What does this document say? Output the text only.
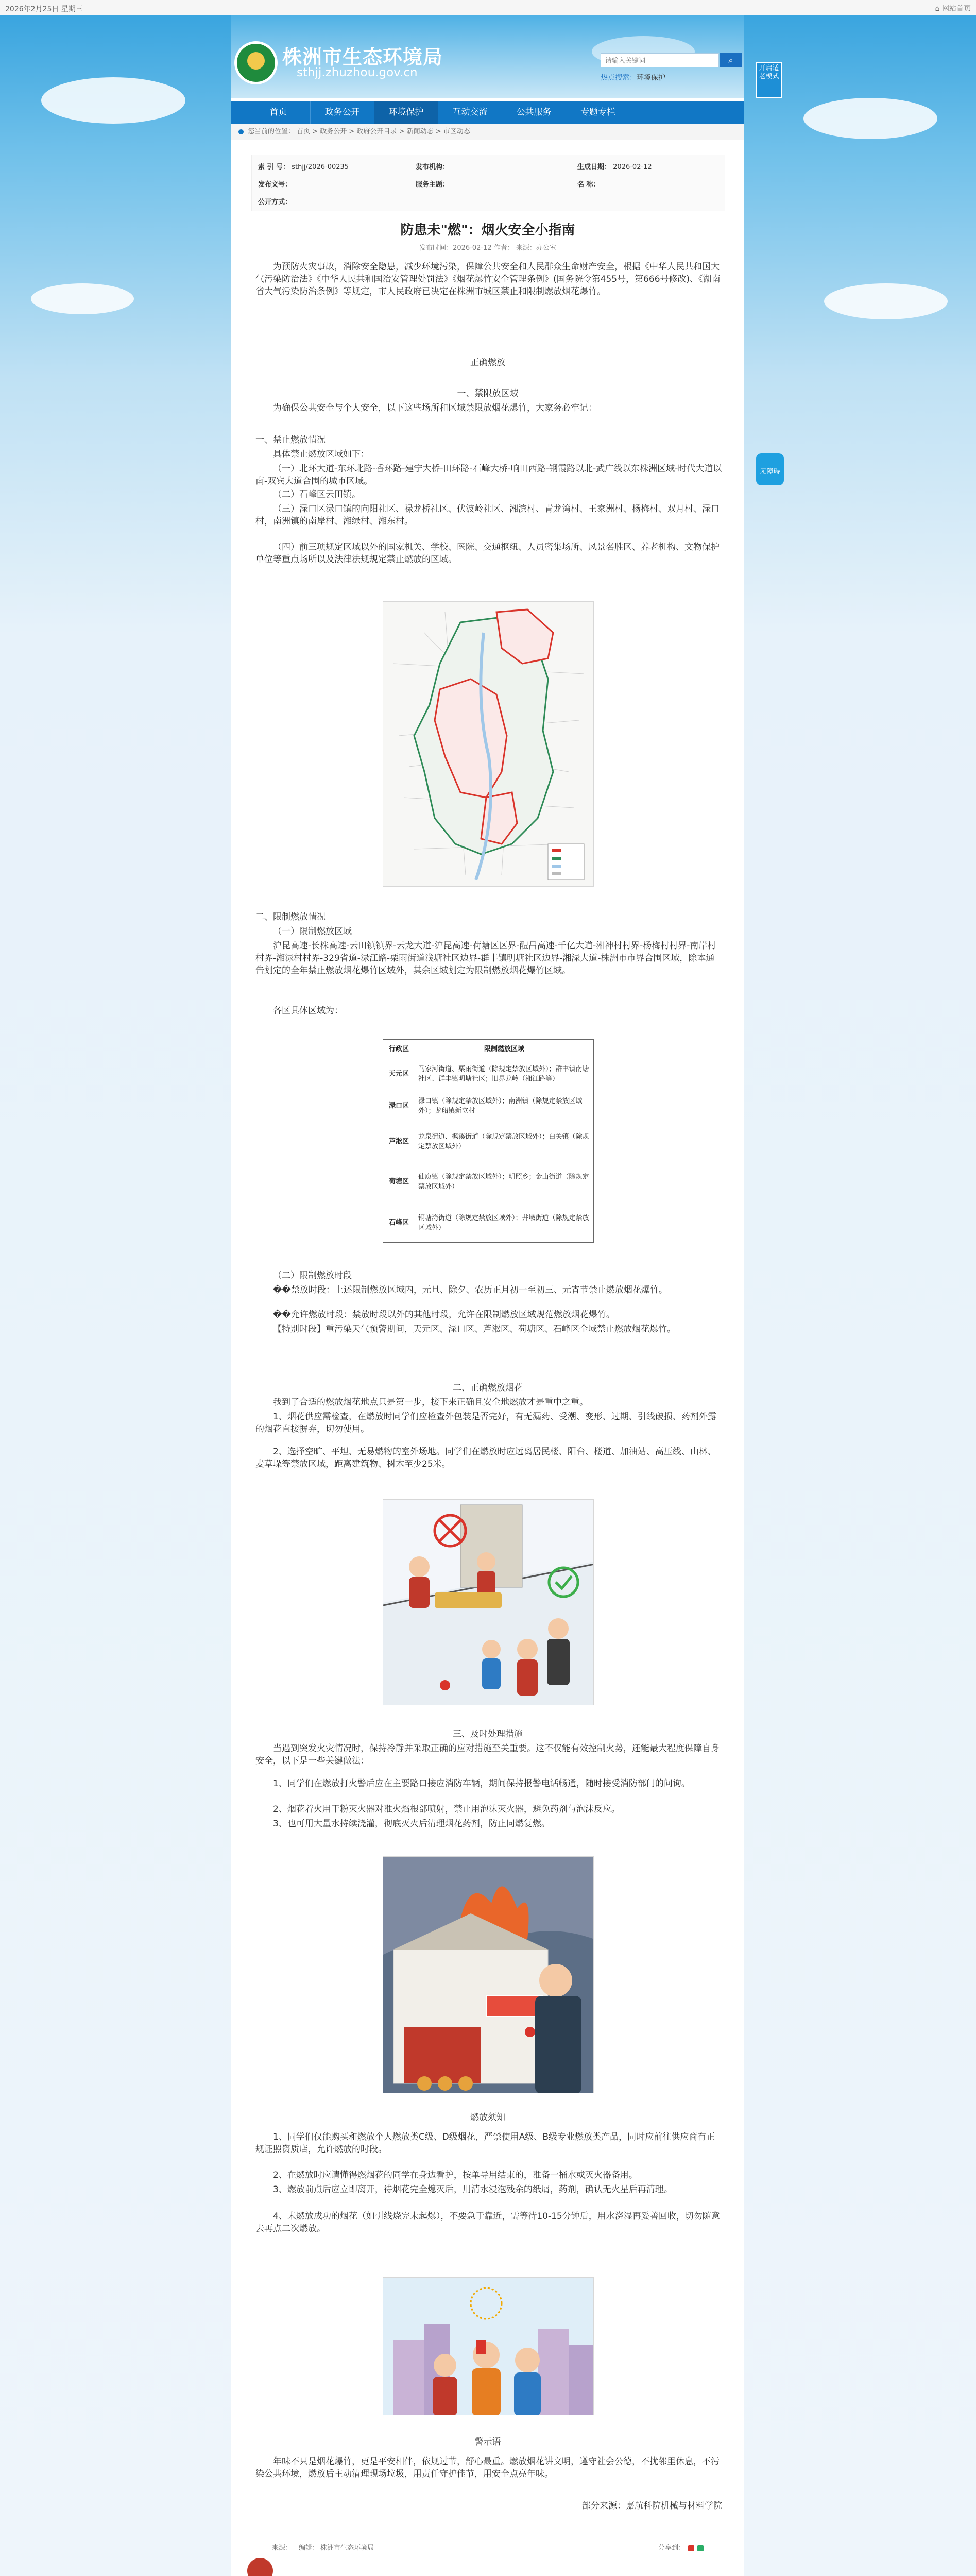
2026年2月25日 星期三	⌂ 网站首页
株洲市生态环境局
sthjj.zhuzhou.gov.cn
请输入关键词
⌕
热点搜索：环境保护
开启适老模式
首页	政务公开	环境保护	互动交流	公共服务	专题专栏
您当前的位置： 首页 > 政务公开 > 政府公开目录 > 新闻动态 > 市区动态
索 引 号： sthjj/2026-00235	发布机构：	生成日期： 2026-02-12
发布文号：	服务主题：	名 称：
公开方式：
防患未"燃"：烟火安全小指南
发布时间：2026-02-12 作者： 来源：办公室
为预防火灾事故，消除安全隐患，减少环境污染，保障公共安全和人民群众生命财产安全，根据《中华人民共和国大气污染防治法》《中华人民共和国治安管理处罚法》《烟花爆竹安全管理条例》(国务院令第455号，第666号修改)、《湖南省大气污染防治条例》等规定，市人民政府已决定在株洲市城区禁止和限制燃放烟花爆竹。
正确燃放
一、禁限放区域
为确保公共安全与个人安全，以下这些场所和区域禁限放烟花爆竹，大家务必牢记：
一、禁止燃放情况
具体禁止燃放区域如下：
（一）北环大道-东环北路-香环路-建宁大桥-田环路-石峰大桥-响田西路-钢霞路以北-武广线以东株洲区域-时代大道以南-双宾大道合围的城市区域。
（二）石峰区云田镇。
（三）渌口区渌口镇的向阳社区、禄龙桥社区、伏波岭社区、湘滨村、青龙湾村、王家洲村、杨梅村、双月村、渌口村，南洲镇的南岸村、湘绿村、湘东村。
（四）前三项规定区域以外的国家机关、学校、医院、交通枢纽、人员密集场所、风景名胜区、养老机构、文物保护单位等重点场所以及法律法规规定禁止燃放的区域。
二、限制燃放情况
（一）限制燃放区域
沪昆高速-长株高速-云田镇镇界-云龙大道-沪昆高速-荷塘区区界-醴昌高速-千亿大道-湘神村村界-杨梅村村界-南岸村村界-湘渌村村界-329省道-渌江路-栗雨街道浅塘社区边界-群丰镇明塘社区边界-湘渌大道-株洲市市界合围区域，除本通告划定的全年禁止燃放烟花爆竹区域外，其余区域划定为限制燃放烟花爆竹区域。
各区具体区域为：
行政区	限制燃放区域
天元区	马家河街道、栗雨街道（除规定禁放区域外）；群丰镇南塘社区、群丰镇明塘社区；旧界龙岭（湘江路等）
渌口区	渌口镇（除规定禁放区域外）；南洲镇（除规定禁放区域外）；龙船镇新立村
芦淞区	龙泉街道、枫溪街道（除规定禁放区域外）；白关镇（除规定禁放区域外）
荷塘区	仙庾镇（除规定禁放区域外）；明照乡；金山街道（除规定禁放区域外）
石峰区	铜塘湾街道（除规定禁放区域外）；井墩街道（除规定禁放区域外）
（二）限制燃放时段
��禁放时段：上述限制燃放区域内，元旦、除夕、农历正月初一至初三、元宵节禁止燃放烟花爆竹。
��允许燃放时段：禁放时段以外的其他时段，允许在限制燃放区域规范燃放烟花爆竹。
【特别时段】重污染天气预警期间，天元区、渌口区、芦淞区、荷塘区、石峰区全域禁止燃放烟花爆竹。
二、正确燃放烟花
我到了合适的燃放烟花地点只是第一步，接下来正确且安全地燃放才是重中之重。
1、烟花供应需检查，在燃放时同学们应检查外包装是否完好，有无漏药、受潮、变形、过期、引线破损、药剂外露的烟花直接摒弃，切勿使用。
2、选择空旷、平坦、无易燃物的室外场地。同学们在燃放时应远离居民楼、阳台、楼道、加油站、高压线、山林、麦草垛等禁放区域，距离建筑物、树木至少25米。
三、及时处理措施
当遇到突发火灾情况时，保持冷静并采取正确的应对措施至关重要。这不仅能有效控制火势，还能最大程度保障自身安全，以下是一些关键做法：
1、同学们在燃放打火警后应在主要路口接应消防车辆，期间保持报警电话畅通，随时接受消防部门的问询。
2、烟花着火用干粉灭火器对准火焰根部喷射，禁止用泡沫灭火器，避免药剂与泡沫反应。
3、也可用大量水持续浇灌，彻底灭火后清理烟花药剂，防止同燃复燃。
燃放须知
1、同学们仅能购买和燃放个人燃放类C级、D级烟花，严禁使用A级、B级专业燃放类产品，同时应前往供应商有正规证照资质店，允许燃放的时段。
2、在燃放时应请懂得燃烟花的同学在身边看护，按单导用结束的，准备一桶水或灭火器备用。
3、燃放前点后应立即离开，待烟花完全熄灭后，用清水浸泡残余的纸屑，药剂，确认无火星后再清理。
4、未燃放成功的烟花（如引线烧完未起爆），不要急于靠近，需等待10-15分钟后，用水浇湿再妥善回收，切勿随意去再点二次燃放。
警示语
年味不只是烟花爆竹，更是平安相伴，依规过节，舒心最重。燃放烟花讲文明，遵守社会公德，不扰邻里休息，不污染公共环境，燃放后主动清理现场垃圾，用责任守护佳节，用安全点亮年味。
部分来源：嘉航科院机械与材料学院
来源： 编辑： 株洲市生态环境局	分享到：
无障碍
